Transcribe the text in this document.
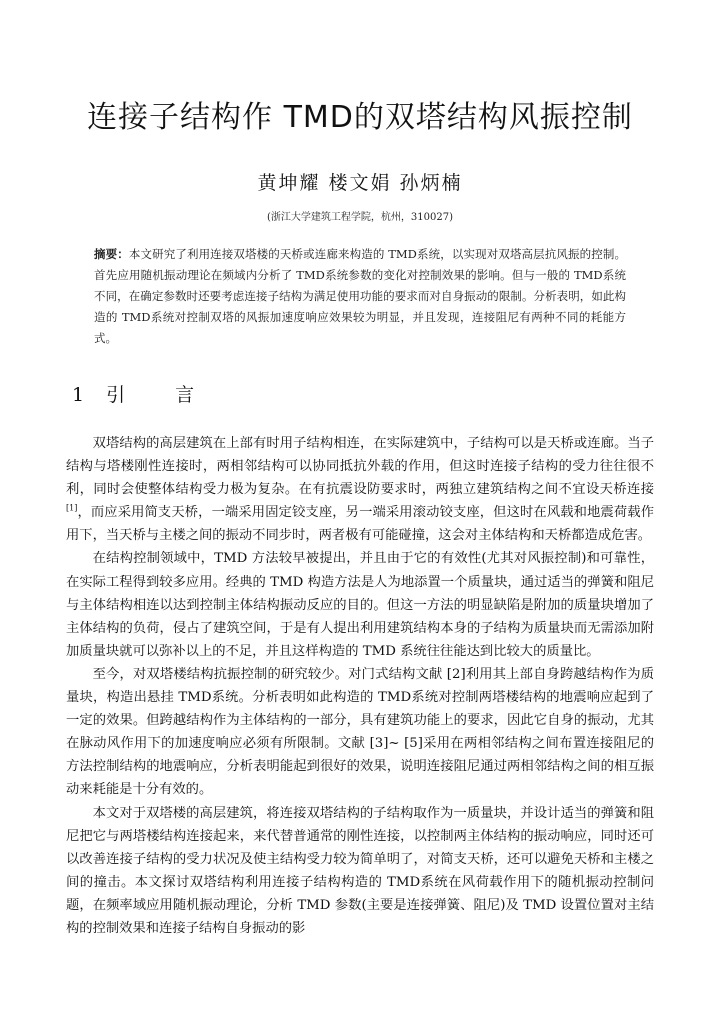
连接子结构作 TMD的双塔结构风振控制
黄坤耀 楼文娟 孙炳楠
(浙江大学建筑工程学院，杭州，310027)
摘要：本文研究了利用连接双塔楼的天桥或连廊来构造的 TMD系统，以实现对双塔高层抗风振的控制。首先应用随机振动理论在频域内分析了 TMD系统参数的变化对控制效果的影响。但与一般的 TMD系统不同，在确定参数时还要考虑连接子结构为满足使用功能的要求而对自身振动的限制。分析表明，如此构造的 TMD系统对控制双塔的风振加速度响应效果较为明显，并且发现，连接阻尼有两种不同的耗能方式。
1 引 言

双塔结构的高层建筑在上部有时用子结构相连，在实际建筑中，子结构可以是天桥或连廊。当子结构与塔楼刚性连接时，两相邻结构可以协同抵抗外载的作用，但这时连接子结构的受力往往很不利，同时会使整体结构受力极为复杂。在有抗震设防要求时，两独立建筑结构之间不宜设天桥连接[1]，而应采用简支天桥，一端采用固定铰支座，另一端采用滚动铰支座，但这时在风载和地震荷载作用下，当天桥与主楼之间的振动不同步时，两者极有可能碰撞，这会对主体结构和天桥都造成危害。

在结构控制领域中，TMD 方法较早被提出，并且由于它的有效性(尤其对风振控制)和可靠性，在实际工程得到较多应用。经典的 TMD 构造方法是人为地添置一个质量块，通过适当的弹簧和阻尼与主体结构相连以达到控制主体结构振动反应的目的。但这一方法的明显缺陷是附加的质量块增加了主体结构的负荷，侵占了建筑空间，于是有人提出利用建筑结构本身的子结构为质量块而无需添加附加质量块就可以弥补以上的不足，并且这样构造的 TMD 系统往往能达到比较大的质量比。

至今，对双塔楼结构抗振控制的研究较少。对门式结构文献 [2]利用其上部自身跨越结构作为质量块，构造出悬挂 TMD系统。分析表明如此构造的 TMD系统对控制两塔楼结构的地震响应起到了一定的效果。但跨越结构作为主体结构的一部分，具有建筑功能上的要求，因此它自身的振动，尤其在脉动风作用下的加速度响应必须有所限制。文献 [3]~ [5]采用在两相邻结构之间布置连接阻尼的方法控制结构的地震响应，分析表明能起到很好的效果，说明连接阻尼通过两相邻结构之间的相互振动来耗能是十分有效的。

本文对于双塔楼的高层建筑，将连接双塔结构的子结构取作为一质量块，并设计适当的弹簧和阻尼把它与两塔楼结构连接起来，来代替普通常的刚性连接，以控制两主体结构的振动响应，同时还可以改善连接子结构的受力状况及使主结构受力较为简单明了，对简支天桥，还可以避免天桥和主楼之间的撞击。本文探讨双塔结构利用连接子结构构造的 TMD系统在风荷载作用下的随机振动控制问题，在频率域应用随机振动理论，分析 TMD 参数(主要是连接弹簧、阻尼)及 TMD 设置位置对主结构的控制效果和连接子结构自身振动的影
